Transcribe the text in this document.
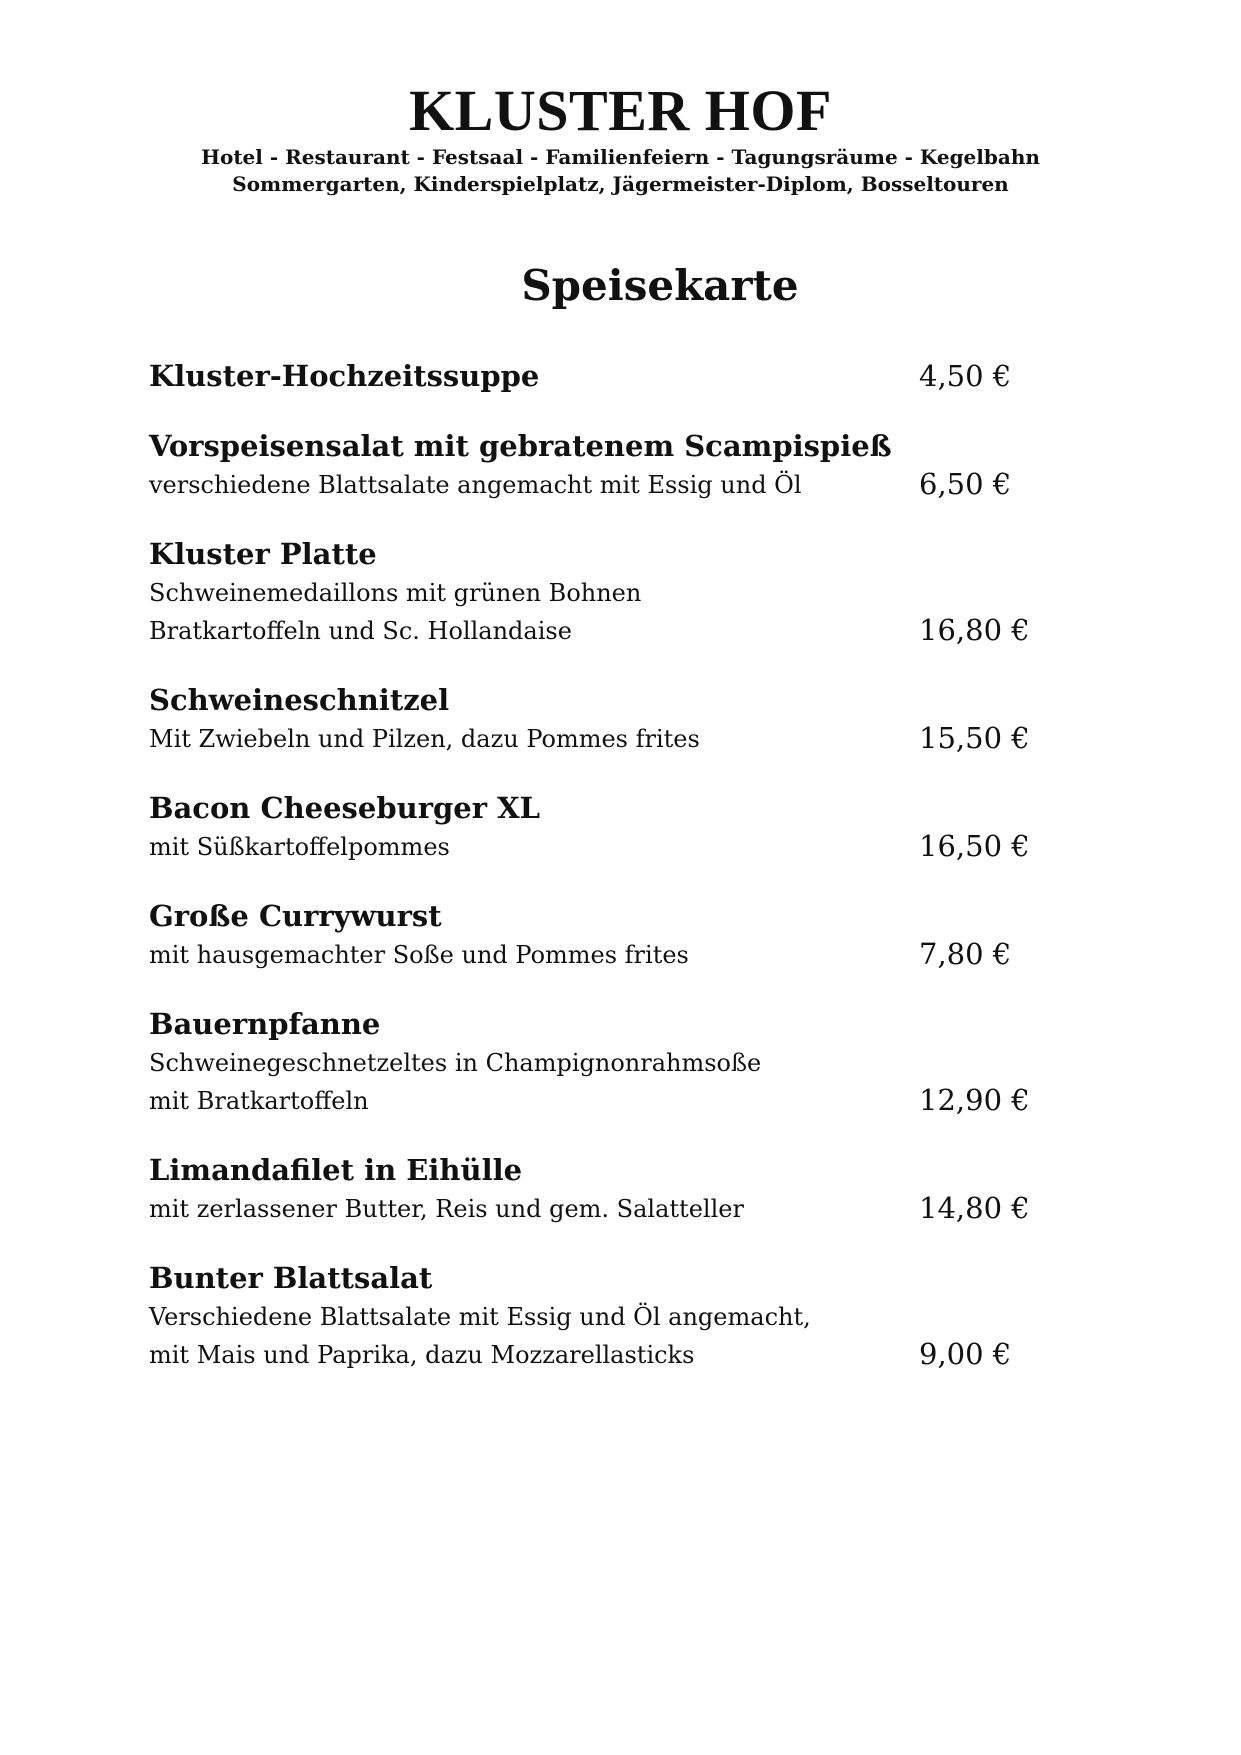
KLUSTER HOF

Hotel - Restaurant - Festsaal - Familienfeiern - Tagungsräume - Kegelbahn

Sommergarten, Kinderspielplatz, Jägermeister-Diplom, Bosseltouren

Speisekarte
Kluster-Hochzeitssuppe	4,50 €
Vorspeisensalat mit gebratenem Scampispieß
verschiedene Blattsalate angemacht mit Essig und Öl	6,50 €
Kluster Platte
Schweinemedaillons mit grünen Bohnen
Bratkartoffeln und Sc. Hollandaise	16,80 €
Schweineschnitzel
Mit Zwiebeln und Pilzen, dazu Pommes frites	15,50 €
Bacon Cheeseburger XL
mit Süßkartoffelpommes	16,50 €
Große Currywurst
mit hausgemachter Soße und Pommes frites	7,80 €
Bauernpfanne
Schweinegeschnetzeltes in Champignonrahmsoße
mit Bratkartoffeln	12,90 €
Limandafilet in Eihülle
mit zerlassener Butter, Reis und gem. Salatteller	14,80 €
Bunter Blattsalat
Verschiedene Blattsalate mit Essig und Öl angemacht,
mit Mais und Paprika, dazu Mozzarellasticks	9,00 €
